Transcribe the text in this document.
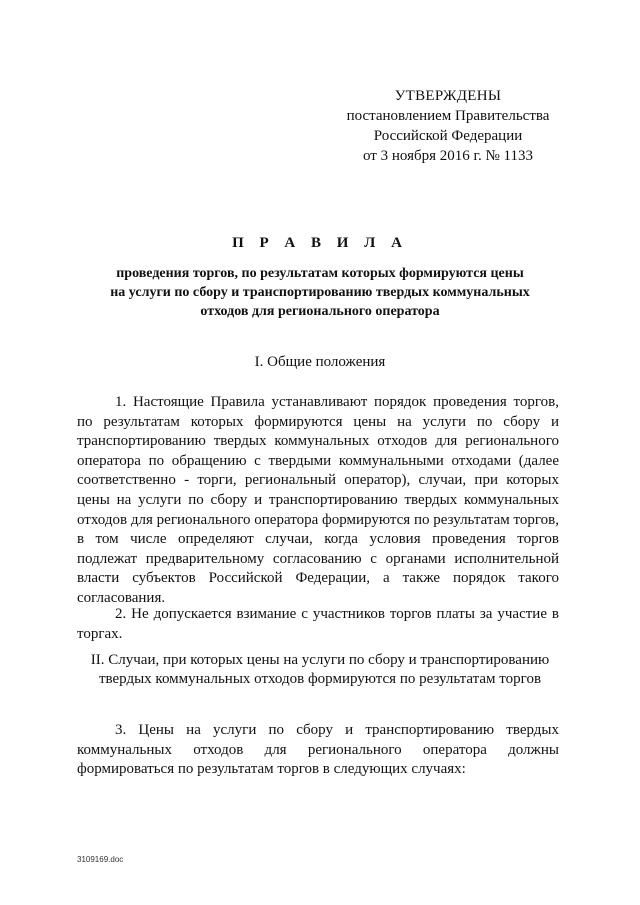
УТВЕРЖДЕНЫ
постановлением Правительства
Российской Федерации
от 3 ноября 2016 г. № 1133
П Р А В И Л А
проведения торгов, по результатам которых формируются цены
на услуги по сбору и транспортированию твердых коммунальных
отходов для регионального оператора
I. Общие положения

1. Настоящие Правила устанавливают порядок проведения торгов, по результатам которых формируются цены на услуги по сбору и транспортированию твердых коммунальных отходов для регионального оператора по обращению с твердыми коммунальными отходами (далее соответственно - торги, региональный оператор), случаи, при которых цены на услуги по сбору и транспортированию твердых коммунальных отходов для регионального оператора формируются по результатам торгов, в том числе определяют случаи, когда условия проведения торгов подлежат предварительному согласованию с органами исполнительной власти субъектов Российской Федерации, а также порядок такого согласования.

2. Не допускается взимание с участников торгов платы за участие в торгах.

II. Случаи, при которых цены на услуги по сбору и транспортированию
твердых коммунальных отходов формируются по результатам торгов

3. Цены на услуги по сбору и транспортированию твердых коммунальных отходов для регионального оператора должны формироваться по результатам торгов в следующих случаях:

3109169.doc
